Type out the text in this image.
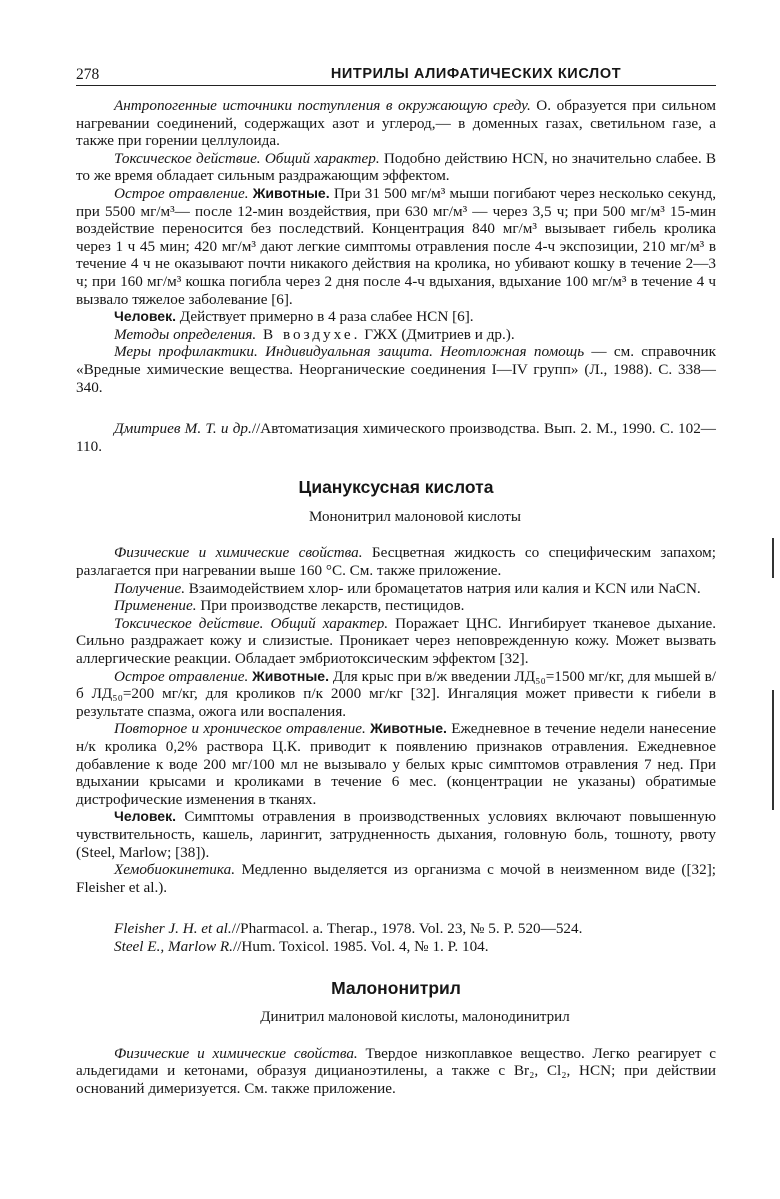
278	НИТРИЛЫ АЛИФАТИЧЕСКИХ КИСЛОТ

Антропогенные источники поступления в окружающую среду. О. образуется при сильном нагревании соединений, содержащих азот и углерод,— в доменных газах, светильном газе, а также при горении целлулоида.

Токсическое действие. Общий характер. Подобно действию HCN, но значительно слабее. В то же время обладает сильным раздражающим эффектом.

Острое отравление. Животные. При 31 500 мг/м³ мыши погибают через несколько секунд, при 5500 мг/м³— после 12-мин воздействия, при 630 мг/м³ — через 3,5 ч; при 500 мг/м³ 15-мин воздействие переносится без последствий. Концентрация 840 мг/м³ вызывает гибель кролика через 1 ч 45 мин; 420 мг/м³ дают легкие симптомы отравления после 4-ч экспозиции, 210 мг/м³ в течение 4 ч не оказывают почти никакого действия на кролика, но убивают кошку в течение 2—3 ч; при 160 мг/м³ кошка погибла через 2 дня после 4-ч вдыхания, вдыхание 100 мг/м³ в течение 4 ч вызвало тяжелое заболевание [6].

Человек. Действует примерно в 4 раза слабее HCN [6].

Методы определения. В воздухе. ГЖХ (Дмитриев и др.).

Меры профилактики. Индивидуальная защита. Неотложная помощь — см. справочник «Вредные химические вещества. Неорганические соединения I—IV групп» (Л., 1988). С. 338—340.

Дмитриев М. Т. и др.//Автоматизация химического производства. Вып. 2. М., 1990. С. 102—110.

Циануксусная кислота

Мононитрил малоновой кислоты

Физические и химические свойства. Бесцветная жидкость со специфическим запахом; разлагается при нагревании выше 160 °С. См. также приложение.

Получение. Взаимодействием хлор- или бромацетатов натрия или калия и KCN или NaCN.

Применение. При производстве лекарств, пестицидов.

Токсическое действие. Общий характер. Поражает ЦНС. Ингибирует тканевое дыхание. Сильно раздражает кожу и слизистые. Проникает через неповрежденную кожу. Может вызвать аллергические реакции. Обладает эмбриотоксическим эффектом [32].

Острое отравление. Животные. Для крыс при в/ж введении ЛД₅₀=1500 мг/кг, для мышей в/б ЛД₅₀=200 мг/кг, для кроликов п/к 2000 мг/кг [32]. Ингаляция может привести к гибели в результате спазма, ожога или воспаления.

Повторное и хроническое отравление. Животные. Ежедневное в течение недели нанесение н/к кролика 0,2% раствора Ц.К. приводит к появлению признаков отравления. Ежедневное добавление к воде 200 мг/100 мл не вызывало у белых крыс симптомов отравления 7 нед. При вдыхании крысами и кроликами в течение 6 мес. (концентрации не указаны) обратимые дистрофические изменения в тканях.

Человек. Симптомы отравления в производственных условиях включают повышенную чувствительность, кашель, ларингит, затрудненность дыхания, головную боль, тошноту, рвоту (Steel, Marlow; [38]).

Хемобиокинетика. Медленно выделяется из организма с мочой в неизменном виде ([32]; Fleisher et al.).

Fleisher J. H. et al.//Pharmacol. a. Therap., 1978. Vol. 23, № 5. P. 520—524.

Steel E., Marlow R.//Hum. Toxicol. 1985. Vol. 4, № 1. P. 104.

Малононитрил

Динитрил малоновой кислоты, малонодинитрил

Физические и химические свойства. Твердое низкоплавкое вещество. Легко реагирует с альдегидами и кетонами, образуя дицианоэтилены, а также с Br₂, Cl₂, HCN; при действии оснований димеризуется. См. также приложение.
